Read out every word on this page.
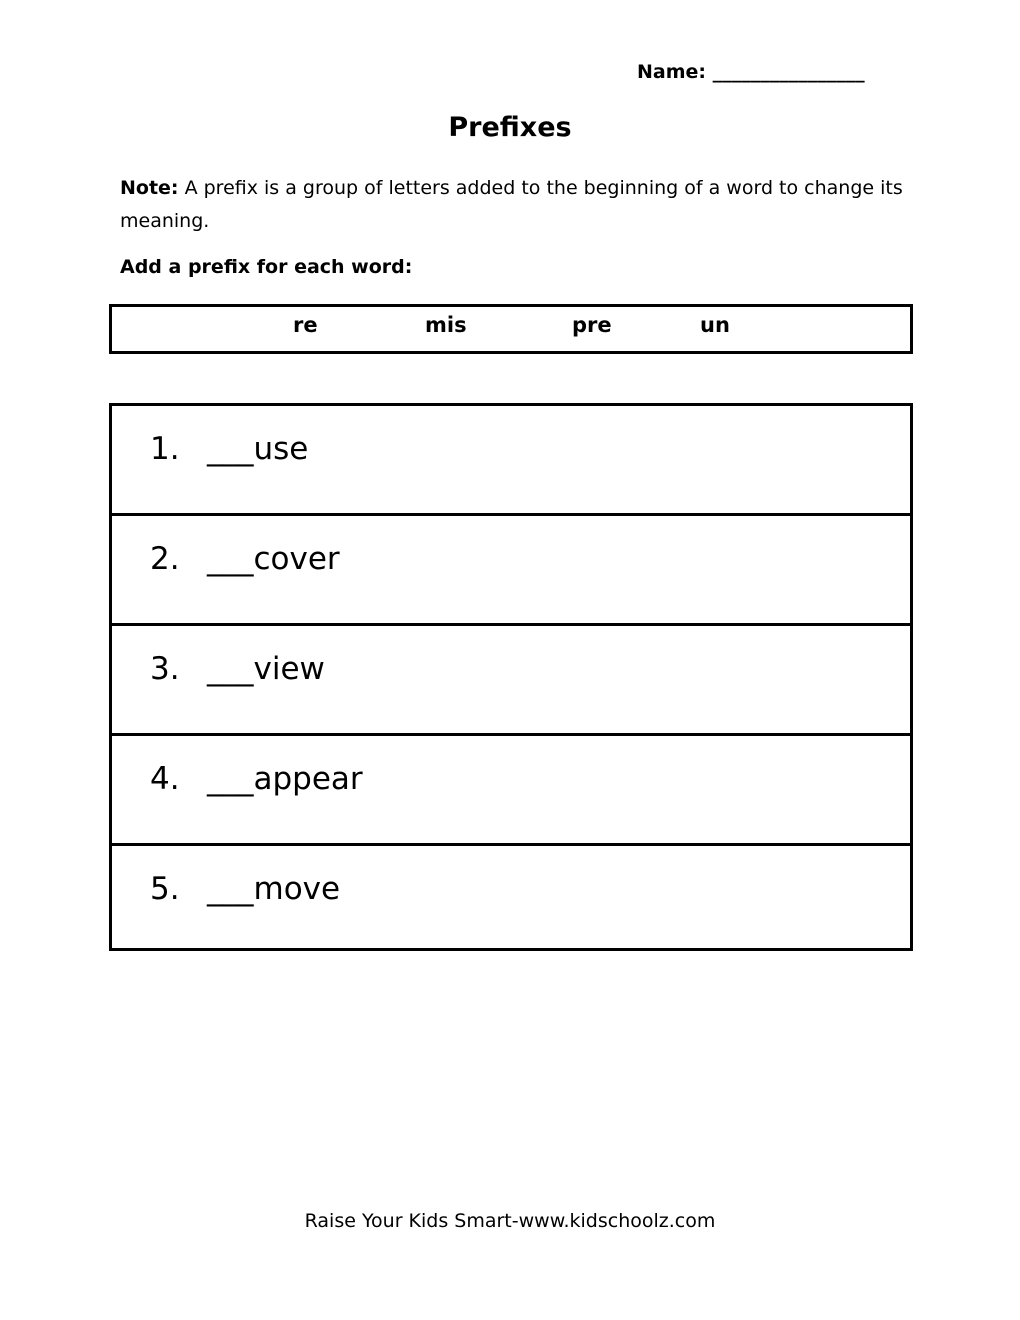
Name: ________________
Prefixes
Note: A prefix is a group of letters added to the beginning of a word to change its meaning.
Add a prefix for each word:
re	mis	pre	un
1. ___use
2. ___cover
3. ___view
4. ___appear
5. ___move
Raise Your Kids Smart-www.kidschoolz.com
